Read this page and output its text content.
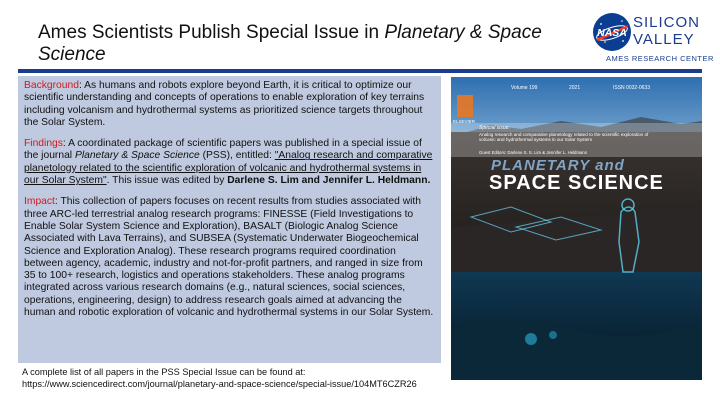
Ames Scientists Publish Special Issue in Planetary & Space Science
NASA
SILICON
VALLEY
AMES RESEARCH CENTER

Background: As humans and robots explore beyond Earth, it is critical to optimize our scientific understanding and concepts of operations to enable exploration of key terrains including volcanism and hydrothermal systems as prioritized science targets throughout the Solar System.

Findings: A coordinated package of scientific papers was published in a special issue of the journal Planetary & Space Science (PSS), entitled: "Analog research and comparative planetology related to the scientific exploration of volcanic and hydrothermal systems in our Solar System". This issue was edited by Darlene S. Lim and Jennifer L. Heldmann.

Impact: This collection of papers focuses on recent results from studies associated with three ARC-led terrestrial analog research programs: FINESSE (Field Investigations to Enable Solar System Science and Exploration), BASALT (Biologic Analog Science Associated with Lava Terrains), and SUBSEA (Systematic Underwater Biogeochemical Science and Exploration Analog). These research programs required coordination between agency, academic, industry and not-for-profit partners, and ranged in size from 35 to 100+ research, logistics and operations stakeholders. These analog programs integrated across various research domains (e.g., natural sciences, social sciences, operations, engineering, design) to address research goals aimed at advancing the human and robotic exploration of volcanic and hydrothermal systems in our Solar System.

A complete list of all papers in the PSS Special Issue can be found at:
https://www.sciencedirect.com/journal/planetary-and-space-science/special-issue/104MT6CZR26
Volume 199	2021	ISSN 0032-0633
ELSEVIER
Special issue:
Analog research and comparative planetology related to the scientific exploration of volcanic and hydrothermal systems in our Solar System
Guest Editors: Darlene S. S. Lim & Jennifer L. Heldmann
PLANETARY and
SPACE SCIENCE
